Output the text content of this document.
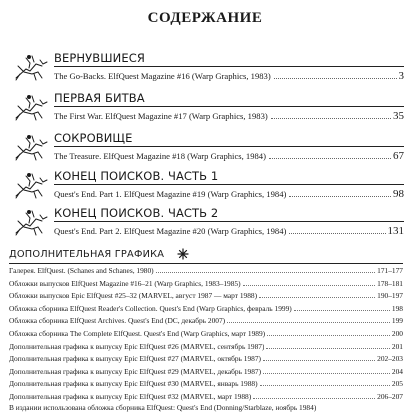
СОДЕРЖАНИЕ
ВЕРНУВШИЕСЯ
The Go-Backs. ElfQuest Magazine #16 (Warp Graphics, 1983)	3
ПЕРВАЯ БИТВА
The First War. ElfQuest Magazine #17 (Warp Graphics, 1983)	35
СОКРОВИЩЕ
The Treasure. ElfQuest Magazine #18 (Warp Graphics, 1984)	67
КОНЕЦ ПОИСКОВ. ЧАСТЬ 1
Quest's End. Part 1. ElfQuest Magazine #19 (Warp Graphics, 1984)	98
КОНЕЦ ПОИСКОВ. ЧАСТЬ 2
Quest's End. Part 2. ElfQuest Magazine #20 (Warp Graphics, 1984)	131
ДОПОЛНИТЕЛЬНАЯ ГРАФИКА
Галерея. ElfQuest. (Schanes and Schanes, 1980)	171–177
Обложки выпусков ElfQuest Magazine #16–21 (Warp Graphics, 1983–1985)	178–181
Обложки выпусков Epic ElfQuest #25–32 (MARVEL, август 1987 — март 1988)	190–197
Обложка сборника ElfQuest Reader's Collection. Quest's End (Warp Graphics, февраль 1999)	198
Обложка сборника ElfQuest Archives. Quest's End (DC, декабрь 2007)	199
Обложка сборника The Complete ElfQuest. Quest's End (Warp Graphics, март 1989)	200
Дополнительная графика к выпуску Epic ElfQuest #26 (MARVEL, сентябрь 1987)	201
Дополнительная графика к выпуску Epic ElfQuest #27 (MARVEL, октябрь 1987)	202–203
Дополнительная графика к выпуску Epic ElfQuest #29 (MARVEL, декабрь 1987)	204
Дополнительная графика к выпуску Epic ElfQuest #30 (MARVEL, январь 1988)	205
Дополнительная графика к выпуску Epic ElfQuest #32 (MARVEL, март 1988)	206–207
В издании использована обложка сборника ElfQuest: Quest's End (Donning/Starblaze, ноябрь 1984)
